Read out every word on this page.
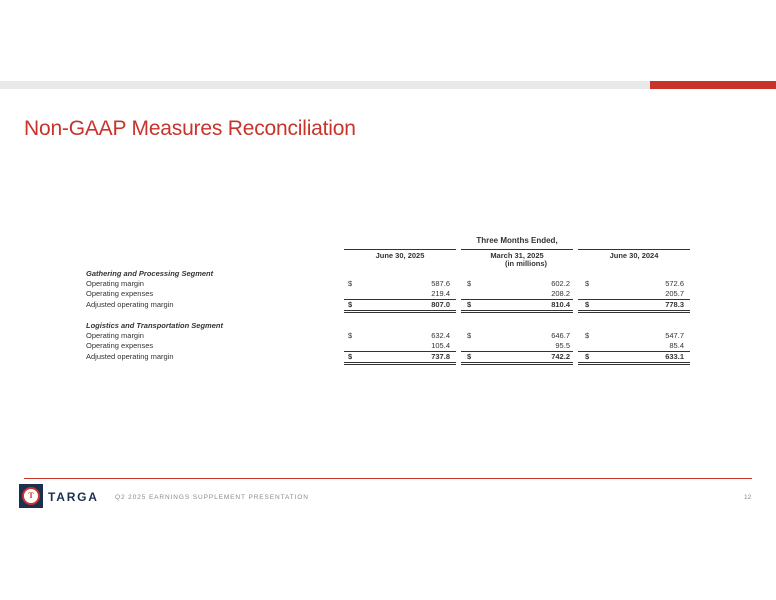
Non-GAAP Measures Reconciliation
Three Months Ended,
June 30, 2025	March 31, 2025	June 30, 2024
(in millions)
Gathering and Processing Segment
Operating margin	$	587.6 $	602.2 $	572.6
Operating expenses	219.4	208.2	205.7
Adjusted operating margin	$	807.0 $	810.4 $	778.3
Logistics and Transportation Segment
Operating margin	$	632.4 $	646.7 $	547.7
Operating expenses	105.4	95.5	85.4
Adjusted operating margin	$	737.8 $	742.2 $	633.1
T	TARGA Q2 2025 EARNINGS SUPPLEMENT PRESENTATION	12
